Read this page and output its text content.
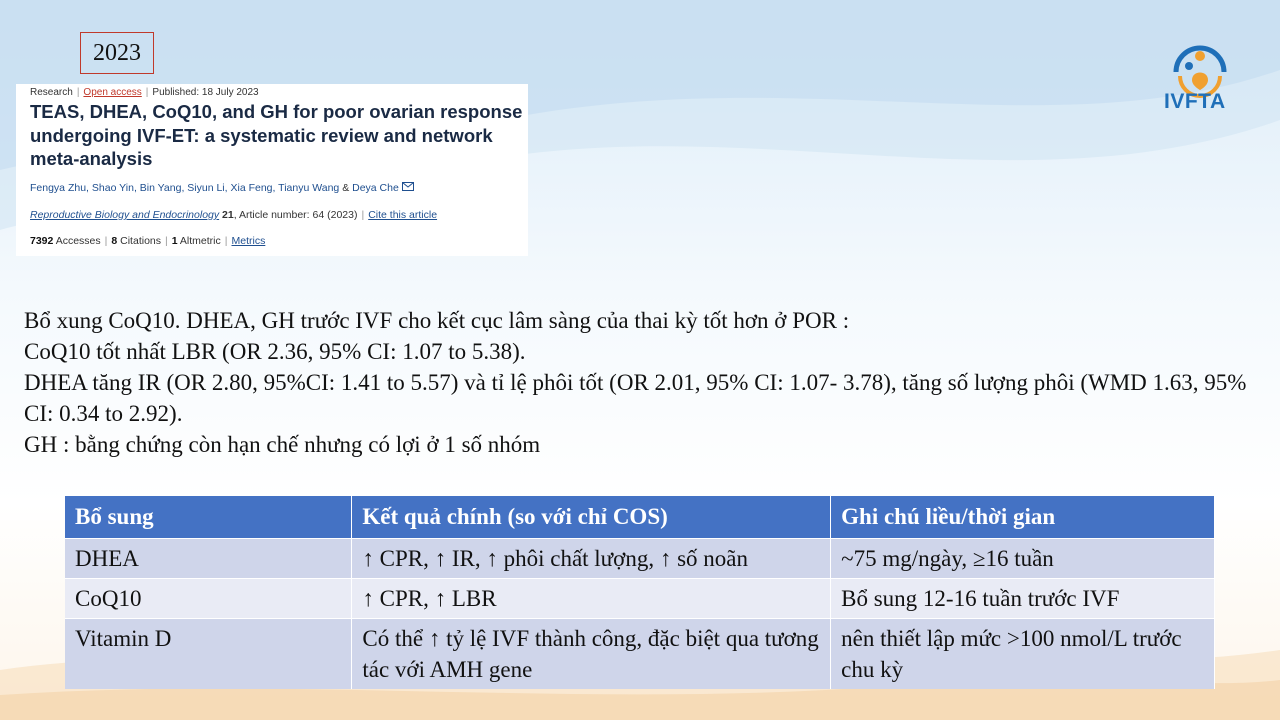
2023
Research | Open access | Published: 18 July 2023

TEAS, DHEA, CoQ10, and GH for poor ovarian response undergoing IVF-ET: a systematic review and network meta-analysis

Fengya Zhu, Shao Yin, Bin Yang, Siyun Li, Xia Feng, Tianyu Wang & Deya Che
Reproductive Biology and Endocrinology 21, Article number: 64 (2023) | Cite this article
7392 Accesses | 8 Citations | 1 Altmetric | Metrics
IVFTA

Bổ xung CoQ10. DHEA, GH trước IVF cho kết cục lâm sàng của thai kỳ tốt hơn ở POR :

CoQ10 tốt nhất LBR (OR 2.36, 95% CI: 1.07 to 5.38).

DHEA tăng IR (OR 2.80, 95%CI: 1.41 to 5.57) và tỉ lệ phôi tốt (OR 2.01, 95% CI: 1.07- 3.78), tăng số lượng phôi (WMD 1.63, 95% CI: 0.34 to 2.92).

GH : bằng chứng còn hạn chế nhưng có lợi ở 1 số nhóm

Bổ sung	Kết quả chính (so với chỉ COS)	Ghi chú liều/thời gian
DHEA	↑ CPR, ↑ IR, ↑ phôi chất lượng, ↑ số noãn	~75 mg/ngày, ≥16 tuần
CoQ10	↑ CPR, ↑ LBR	Bổ sung 12-16 tuần trước IVF
Vitamin D	Có thể ↑ tỷ lệ IVF thành công, đặc biệt qua tương tác với AMH gene	nên thiết lập mức >100 nmol/L trước chu kỳ
